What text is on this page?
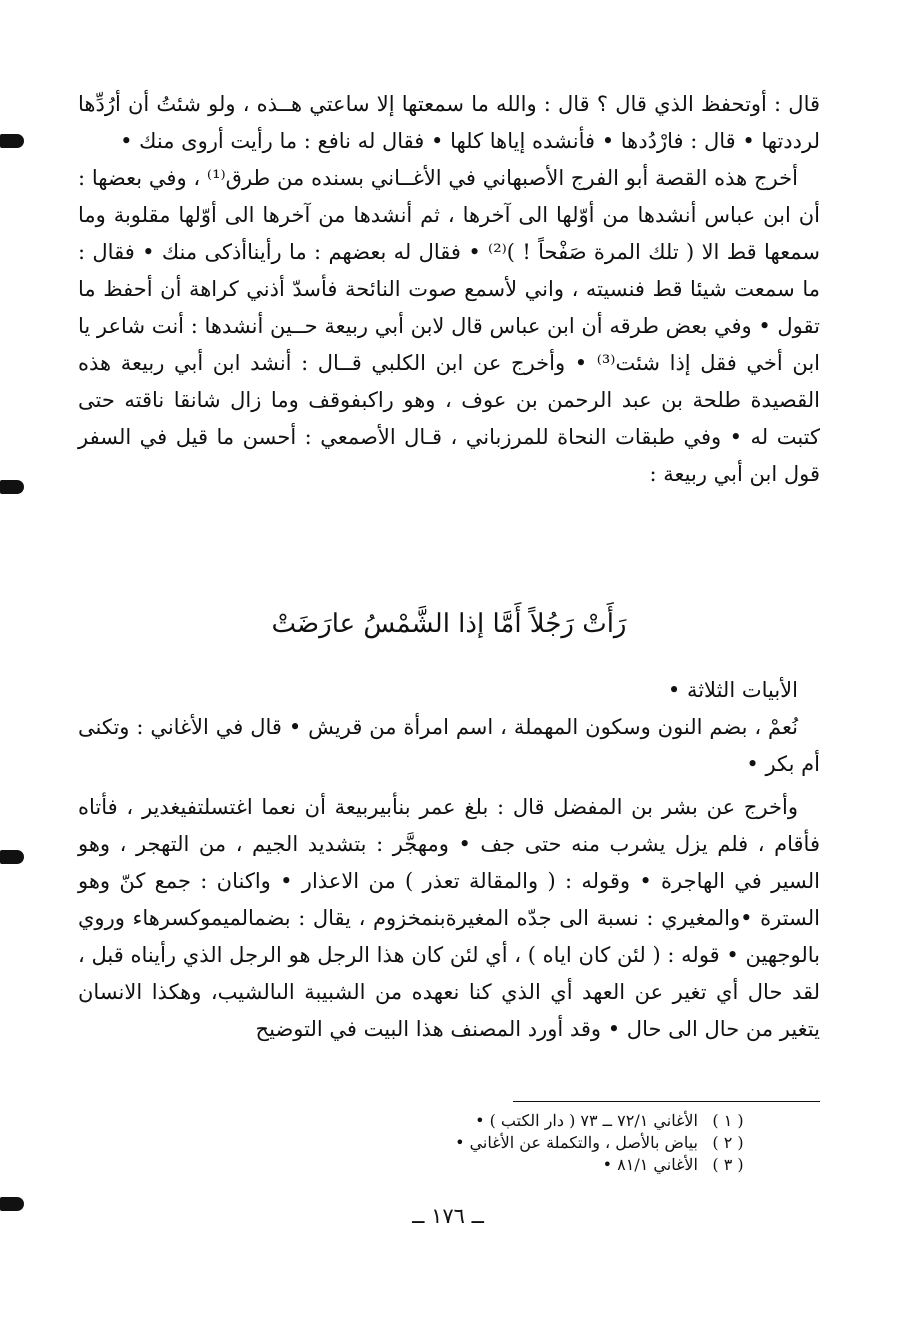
قال : أوتحفظ الذي قال ؟ قال : والله ما سمعتها إلا ساعتي هــذه ، ولو شئتُ أن أرُدِّها لرددتها • قال : فارْدُدها • فأنشده إياها كلها • فقال له نافع : ما رأيت أروى منك •

أخرج هذه القصة أبو الفرج الأصبهاني في الأغــاني بسنده من طرق⁽¹⁾ ، وفي بعضها : أن ابن عباس أنشدها من أوّلها الى آخرها ، ثم أنشدها من آخرها الى أوّلها مقلوبة وما سمعها قط الا ( تلك المرة صَفْحاً ! )⁽²⁾ • فقال له بعضهم : ما رأيناأذكى منك • فقال : ما سمعت شيئا قط فنسيته ، واني لأسمع صوت النائحة فأسدّ أذني كراهة أن أحفظ ما تقول • وفي بعض طرقه أن ابن عباس قال لابن أبي ربيعة حــين أنشدها : أنت شاعر يا ابن أخي فقل إذا شئت⁽³⁾ • وأخرج عن ابن الكلبي قــال : أنشد ابن أبي ربيعة هذه القصيدة طلحة بن عبد الرحمن بن عوف ، وهو راكبفوقف وما زال شانقا ناقته حتى كتبت له • وفي طبقات النحاة للمرزباني ، قـال الأصمعي : أحسن ما قيل في السفر قول ابن أبي ربيعة :

رَأَتْ رَجُلاً أَمَّا إذا الشَّمْسُ عارَضَتْ

الأبيات الثلاثة •

نُعمْ ، بضم النون وسكون المهملة ، اسم امرأة من قريش • قال في الأغاني : وتكنى أم بكر •

وأخرج عن بشر بن المفضل قال : بلغ عمر بنأبيربيعة أن نعما اغتسلتفيغدير ، فأتاه فأقام ، فلم يزل يشرب منه حتى جف • ومهجَّر : بتشديد الجيم ، من التهجر ، وهو السير في الهاجرة • وقوله : ( والمقالة تعذر ) من الاعذار • واكنان : جمع كنّ وهو السترة •والمغيري : نسبة الى جدّه المغيرةبنمخزوم ، يقال : بضمالميموكسرهاء وروي بالوجهين • قوله : ( لئن كان اياه ) ، أي لئن كان هذا الرجل هو الرجل الذي رأيناه قبل ، لقد حال أي تغير عن العهد أي الذي كنا نعهده من الشبيبة الىالشيب، وهكذا الانسان يتغير من حال الى حال • وقد أورد المصنف هذا البيت في التوضيح

( ١ )
الأغاني ٧٢/١ ــ ٧٣ ( دار الكتب ) •
( ٢ )
بياض بالأصل ، والتكملة عن الأغاني •
( ٣ )
الأغاني ٨١/١ •
ــ ١٧٦ ــ
